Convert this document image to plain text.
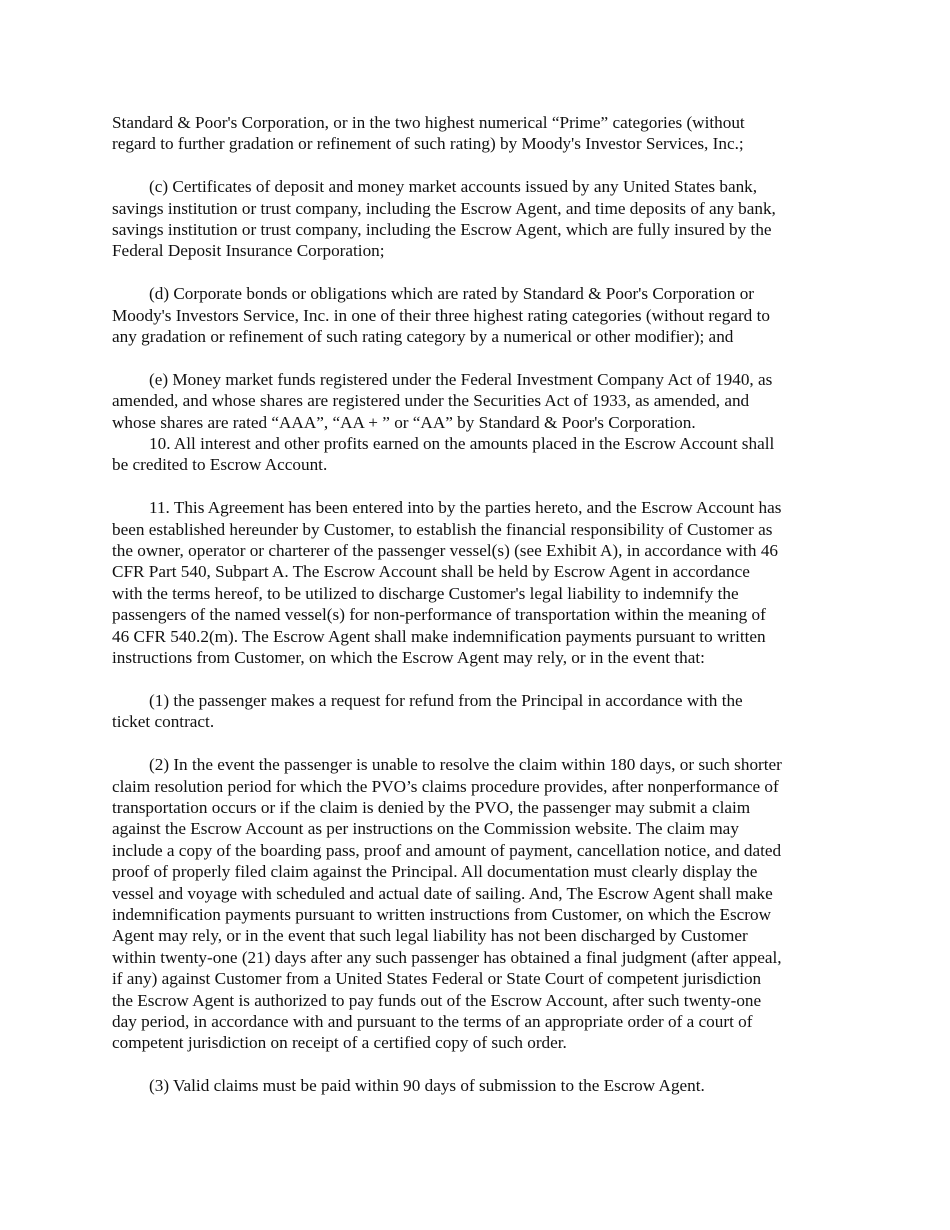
Standard & Poor's Corporation, or in the two highest numerical “Prime” categories (without
regard to further gradation or refinement of such rating) by Moody's Investor Services, Inc.;

(c) Certificates of deposit and money market accounts issued by any United States bank,
savings institution or trust company, including the Escrow Agent, and time deposits of any bank,
savings institution or trust company, including the Escrow Agent, which are fully insured by the
Federal Deposit Insurance Corporation;

(d) Corporate bonds or obligations which are rated by Standard & Poor's Corporation or
Moody's Investors Service, Inc. in one of their three highest rating categories (without regard to
any gradation or refinement of such rating category by a numerical or other modifier); and

(e) Money market funds registered under the Federal Investment Company Act of 1940, as
amended, and whose shares are registered under the Securities Act of 1933, as amended, and
whose shares are rated “AAA”, “AA + ” or “AA” by Standard & Poor's Corporation.

10. All interest and other profits earned on the amounts placed in the Escrow Account shall
be credited to Escrow Account.

11. This Agreement has been entered into by the parties hereto, and the Escrow Account has
been established hereunder by Customer, to establish the financial responsibility of Customer as
the owner, operator or charterer of the passenger vessel(s) (see Exhibit A), in accordance with 46
CFR Part 540, Subpart A. The Escrow Account shall be held by Escrow Agent in accordance
with the terms hereof, to be utilized to discharge Customer's legal liability to indemnify the
passengers of the named vessel(s) for non-performance of transportation within the meaning of
46 CFR 540.2(m). The Escrow Agent shall make indemnification payments pursuant to written
instructions from Customer, on which the Escrow Agent may rely, or in the event that:

(1) the passenger makes a request for refund from the Principal in accordance with the
ticket contract.

(2) In the event the passenger is unable to resolve the claim within 180 days, or such shorter
claim resolution period for which the PVO’s claims procedure provides, after nonperformance of
transportation occurs or if the claim is denied by the PVO, the passenger may submit a claim
against the Escrow Account as per instructions on the Commission website. The claim may
include a copy of the boarding pass, proof and amount of payment, cancellation notice, and dated
proof of properly filed claim against the Principal. All documentation must clearly display the
vessel and voyage with scheduled and actual date of sailing. And, The Escrow Agent shall make
indemnification payments pursuant to written instructions from Customer, on which the Escrow
Agent may rely, or in the event that such legal liability has not been discharged by Customer
within twenty-one (21) days after any such passenger has obtained a final judgment (after appeal,
if any) against Customer from a United States Federal or State Court of competent jurisdiction
the Escrow Agent is authorized to pay funds out of the Escrow Account, after such twenty-one
day period, in accordance with and pursuant to the terms of an appropriate order of a court of
competent jurisdiction on receipt of a certified copy of such order.

(3) Valid claims must be paid within 90 days of submission to the Escrow Agent.
